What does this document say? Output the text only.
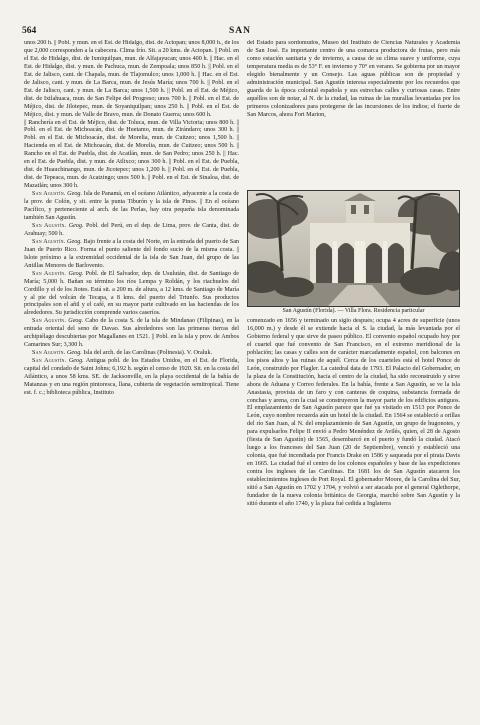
564	SAN

unos 200 h. || Pobl. y mun. en el Est. de Hidalgo, dist. de Actopan; unos 8,000 h., de los que 2,000 corresponden a la cabecera. Clima frío. Sit. a 20 kms. de Actopan. || Pobl. en el Est. de Hidalgo, dist. de Ixmiquilpan, mun. de Alfajayucan; unos 400 h. || Hac. en el Est. de Hidalgo, dist. y mun. de Pachuca, mun. de Zempoala; unos 850 h. || Pobl. en el Est. de Jalisco, cant. de Chapala, mun. de Tlajomulco; unos 1,000 h. || Hac. en el Est. de Jalisco, cant. y mun. de La Barca, mun. de Jesús María; unos 700 h. || Pobl. en el Est. de Jalisco, cant. y mun. de La Barca; unos 1,500 h. || Pobl. en el Est. de Méjico, dist. de Ixtlahuaca, mun. de San Felipe del Progreso; unos 700 h. || Pobl. en el Est. de Méjico, dist. de Jilotepec, mun. de Soyaniquilpan; unos 250 h. || Pobl. en el Est. de Méjico, dist. y mun. de Valle de Bravo, mun. de Donato Guerra; unos 600 h.

|| Ranchería en el Est. de Méjico, dist. de Toluca, mun. de Villa Victoria; unos 800 h. || Pobl. en el Est. de Michoacán, dist. de Huetamo, mun. de Zirándaro; unos 300 h. || Pobl. en el Est. de Michoacán, dist. de Morelia, mun. de Cuitzeo; unos 1,500 h. || Hacienda en el Est. de Michoacán, dist. de Morelia, mun. de Cuitzeo; unos 500 h. || Rancho en el Est. de Puebla, dist. de Acatlán, mun. de San Pedro; unos 250 h. || Hac. en el Est. de Puebla, dist. y mun. de Atlixco; unos 300 h. || Pobl. en el Est. de Puebla, dist. de Huauchinango, mun. de Jicotepec; unos 1,200 h. || Pobl. en el Est. de Puebla, dist. de Tepeaca, mun. de Acatzingo; unos 500 h. || Pobl. en el Est. de Sinaloa, dist. de Mazatlán; unos 300 h.

San Agustín. Geog. Isla de Panamá, en el océano Atlántico, adyacente a la costa de la prov. de Colón, y sit. entre la punta Tiburón y la isla de Pinos. || En el océano Pacífico, y perteneciente al arch. de las Perlas, hay otra pequeña isla denominada también San Agustín.

San Agustín. Geog. Pobl. del Perú, en el dep. de Lima, prov. de Canta, dist. de Arahuay; 500 h.

San Agustín. Geog. Bajo frente a la costa del Norte, en la entrada del puerto de San Juan de Puerto Rico. Forma el punto saliente del fondo sucio de la misma costa. || Islote próximo a la extremidad occidental de la isla de San Juan, del grupo de las Antillas Menores de Barlovento.

San Agustín. Geog. Pobl. de El Salvador, dep. de Usulután, dist. de Santiago de María; 5,000 h. Bañan su término los ríos Lempa y Roldán, y los riachuelos del Cordillo y el de los Jiotes. Está sit. a 200 m. de altura, a 12 kms. de Santiago de María y al pie del volcán de Tecapa, a 8 kms. del puerto del Triunfo. Sus productos principales son el añil y el café, en su mayor parte cultivado en las haciendas de los alrededores. Su jurisdicción comprende varios caseríos.

San Agustín. Geog. Cabo de la costa S. de la isla de Mindanao (Filipinas), en la entrada oriental del seno de Davao. Sus alrededores son las primeras tierras del archipiélago descubiertas por Magallanes en 1521. || Pobl. en la isla y prov. de Ambos Camarines Sur; 3,300 h.

San Agustín. Geog. Isla del arch. de las Carolinas (Polinesia). V. Oraluk.

San Agustín. Geog. Antigua pobl. de los Estados Unidos, en el Est. de Florida, capital del condado de Saint Johns; 6,192 h. según el censo de 1920. Sit. en la costa del Atlántico, a unos 58 kms. SE. de Jacksonville, en la playa occidental de la bahía de Matanzas y en una región pintoresca, llana, cubierta de vegetación semitropical. Tiene est. f. c.; biblioteca pública, Instituto

del Estado para sordomudos, Museo del Instituto de Ciencias Naturales y Academia de San José. Es importante centro de una comarca productora de frutas, pero más como estación sanitaria y de invierno, a causa de su clima suave y uniforme, cuya temperatura media es de 53° F. en invierno y 70° en verano. Se gobierna por un mayor elegido bienalmente y un Consejo. Las aguas públicas son de propiedad y administración municipal. San Agustín interesa especialmente por los recuerdos que guarda de la época colonial española y sus estrechas calles y curiosas casas. Entre aquéllos son de notar, al N. de la ciudad, las ruinas de las murallas levantadas por los primeros colonizadores para protegerse de las incursiones de los indios; el fuerte de San Marcos, ahora Fort Marion,

San Agustín (Florida). — Villa Flora. Residencia particular

comenzado en 1656 y terminado un siglo después; ocupa 4 acres de superficie (unos 16,000 m.) y desde él se extiende hacia el S. la ciudad, la más levantada por el Gobierno federal y que sirve de paseo público. El convento español ocupado hoy por el cuartel que fué convento de San Francisco, en el extremo meridional de la población; las casas y calles son de carácter marcadamente español, con balcones en los pisos altos y las ruinas de aquél. Cerca de los cuarteles está el hotel Ponce de León, construido por Flagler. La catedral data de 1793. El Palacio del Gobernador, en la plaza de la Constitución, hacia el centro de la ciudad, ha sido reconstruido y sirve ahora de Aduana y Correo federales. En la bahía, frente a San Agustín, se ve la isla Anastasia, provista de un faro y con canteras de coquina, substancia formada de conchas y arena, con la cual se construyeron la mayor parte de los edificios antiguos. El emplazamiento de San Agustín parece que fué ya visitado en 1513 por Ponce de León, cuyo nombre recuerda aún un hotel de la ciudad. En 1564 se estableció a orillas del río San Juan, al N. del emplazamiento de San Agustín, un grupo de hugonotes, y para expulsarlos Felipe II envió a Pedro Menéndez de Avilés, quien, el 28 de Agosto (fiesta de San Agustín) de 1565, desembarcó en el puerto y fundó la ciudad. Atacó luego a los franceses del San Juan (20 de Septiembre), venció y estableció una colonia, que fué incendiada por Francis Drake en 1586 y saqueada por el pirata Davis en 1665. La ciudad fué el centro de los colonos españoles y base de las expediciones contra los ingleses de las Carolinas. En 1681 los de San Agustín atacaron los establecimientos ingleses de Port Royal. El gobernador Moore, de la Carolina del Sur, sitió a San Agustín en 1702 y 1704, y volvió a ser atacada por el general Oglethorpe, fundador de la nueva colonia británica de Georgia, marchó sobre San Agustín y la sitió durante el año 1740, y la plaza fué cedida a Inglaterra
